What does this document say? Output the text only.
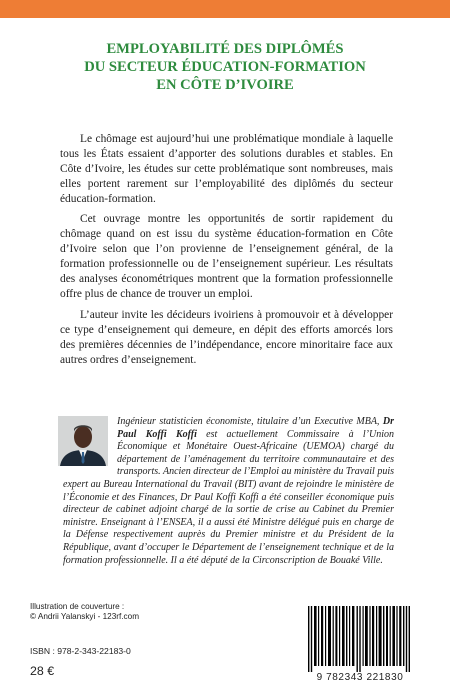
EMPLOYABILITÉ DES DIPLÔMÉS
DU SECTEUR ÉDUCATION-FORMATION
EN CÔTE D’IVOIRE

Le chômage est aujourd’hui une problématique mondiale à laquelle tous les États essaient d’apporter des solutions durables et stables. En Côte d’Ivoire, les études sur cette problématique sont nombreuses, mais elles portent rarement sur l’employabilité des diplômés du secteur éducation-formation.

Cet ouvrage montre les opportunités de sortir rapidement du chômage quand on est issu du système éducation-formation en Côte d’Ivoire selon que l’on provienne de l’enseignement général, de la formation professionnelle ou de l’enseignement supérieur. Les résultats des analyses économétriques montrent que la formation professionnelle offre plus de chance de trouver un emploi.

L’auteur invite les décideurs ivoiriens à promouvoir et à développer ce type d’enseignement qui demeure, en dépit des efforts amorcés lors des premières décennies de l’indépendance, encore minoritaire face aux autres ordres d’enseignement.

Ingénieur statisticien économiste, titulaire d’un Executive MBA, Dr Paul Koffi Koffi est actuellement Commissaire à l’Union Économique et Monétaire Ouest-Africaine (UEMOA) chargé du département de l’aménagement du territoire communautaire et des transports. Ancien directeur de l’Emploi au ministère du Travail puis expert au Bureau International du Travail (BIT) avant de rejoindre le ministère de l’Économie et des Finances, Dr Paul Koffi Koffi a été conseiller économique puis directeur de cabinet adjoint chargé de la sortie de crise au Cabinet du Premier ministre. Enseignant à l’ENSEA, il a aussi été Ministre délégué puis en charge de la Défense respectivement auprès du Premier ministre et du Président de la République, avant d’occuper le Département de l’enseignement technique et de la formation professionnelle. Il a été député de la Circonscription de Bouaké Ville.

Illustration de couverture :
© Andrii Yalanskyi - 123rf.com
ISBN : 978-2-343-22183-0
28 €	9 782343 221830
